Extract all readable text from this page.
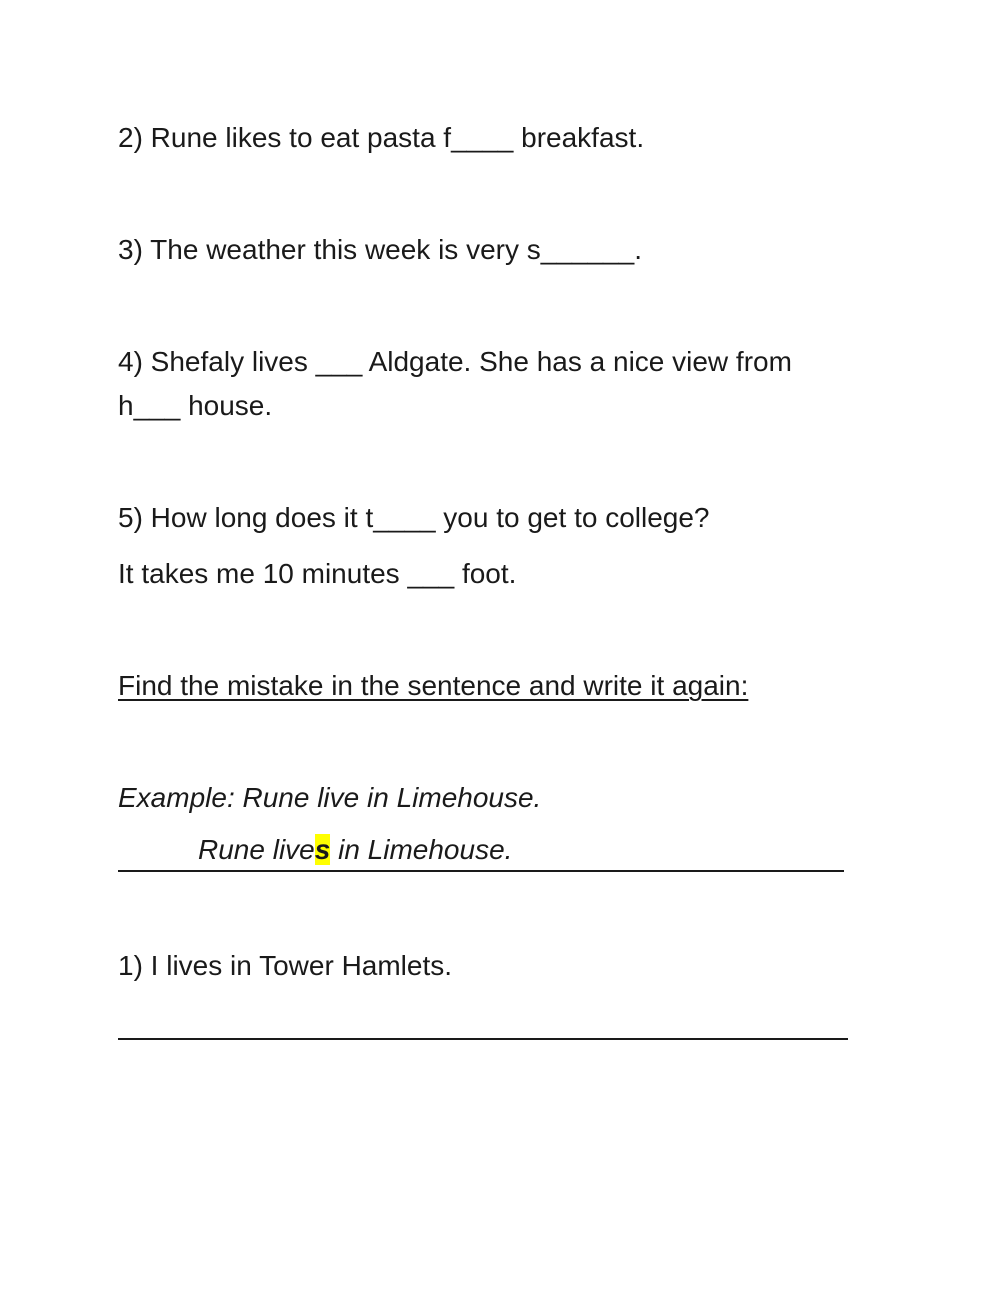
2) Rune likes to eat pasta f____ breakfast.
3) The weather this week is very s______.
4) Shefaly lives ___ Aldgate. She has a nice view from
h___ house.
5) How long does it t____ you to get to college?
It takes me 10 minutes ___ foot.
Find the mistake in the sentence and write it again:
Example: Rune live in Limehouse.
Rune lives in Limehouse.
1) I lives in Tower Hamlets.
